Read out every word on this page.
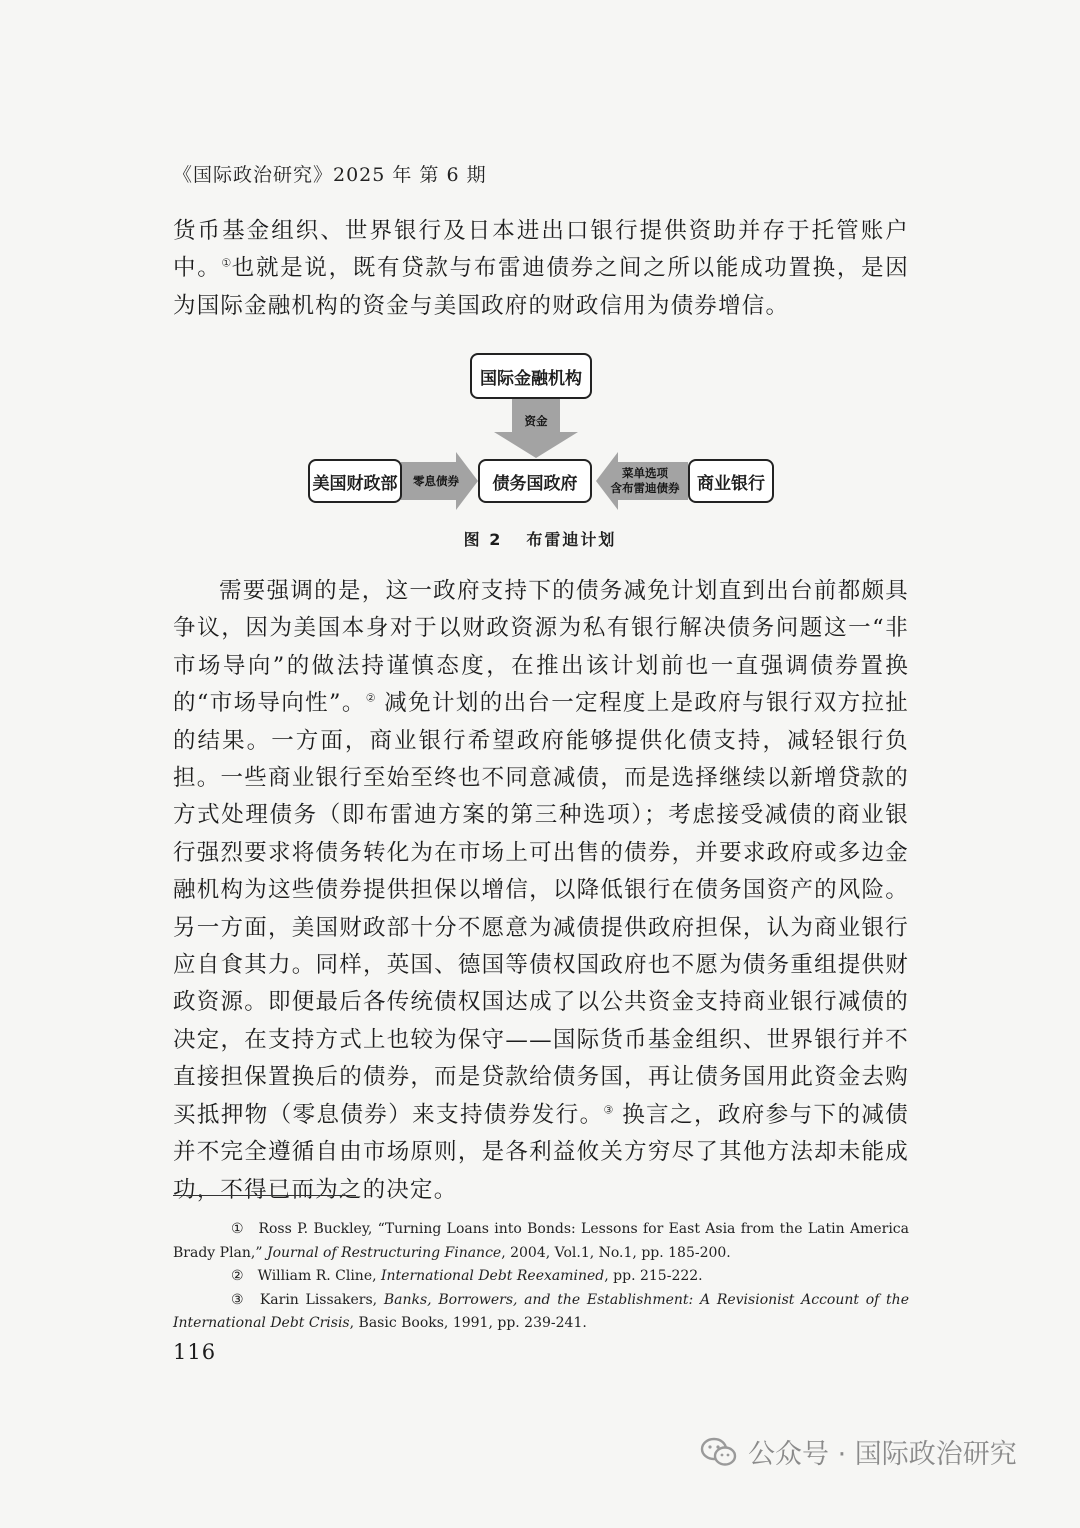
《国际政治研究》2025 年 第 6 期

货币基金组织、世界银行及日本进出口银行提供资助并存于托管账户中。①也就是说，既有贷款与布雷迪债券之间之所以能成功置换，是因为国际金融机构的资金与美国政府的财政信用为债券增信。

国际金融机构
资金
美国财政部	零息债券	债务国政府
菜单选项
含布雷迪债券	商业银行
图 2 布雷迪计划

需要强调的是，这一政府支持下的债务减免计划直到出台前都颇具争议，因为美国本身对于以财政资源为私有银行解决债务问题这一“非市场导向”的做法持谨慎态度，在推出该计划前也一直强调债券置换的“市场导向性”。② 减免计划的出台一定程度上是政府与银行双方拉扯的结果。一方面，商业银行希望政府能够提供化债支持，减轻银行负担。一些商业银行至始至终也不同意减债，而是选择继续以新增贷款的方式处理债务（即布雷迪方案的第三种选项）；考虑接受减债的商业银行强烈要求将债务转化为在市场上可出售的债券，并要求政府或多边金融机构为这些债券提供担保以增信，以降低银行在债务国资产的风险。另一方面，美国财政部十分不愿意为减债提供政府担保，认为商业银行应自食其力。同样，英国、德国等债权国政府也不愿为债务重组提供财政资源。即便最后各传统债权国达成了以公共资金支持商业银行减债的决定，在支持方式上也较为保守——国际货币基金组织、世界银行并不直接担保置换后的债券，而是贷款给债务国，再让债务国用此资金去购买抵押物（零息债券）来支持债券发行。③ 换言之，政府参与下的减债并不完全遵循自由市场原则，是各利益攸关方穷尽了其他方法却未能成功，不得已而为之的决定。

① Ross P. Buckley, “Turning Loans into Bonds: Lessons for East Asia from the Latin America Brady Plan,” Journal of Restructuring Finance, 2004, Vol.1, No.1, pp. 185-200.

② William R. Cline, International Debt Reexamined, pp. 215-222.

③ Karin Lissakers, Banks, Borrowers, and the Establishment: A Revisionist Account of the International Debt Crisis, Basic Books, 1991, pp. 239-241.

116
公众号 · 国际政治研究
